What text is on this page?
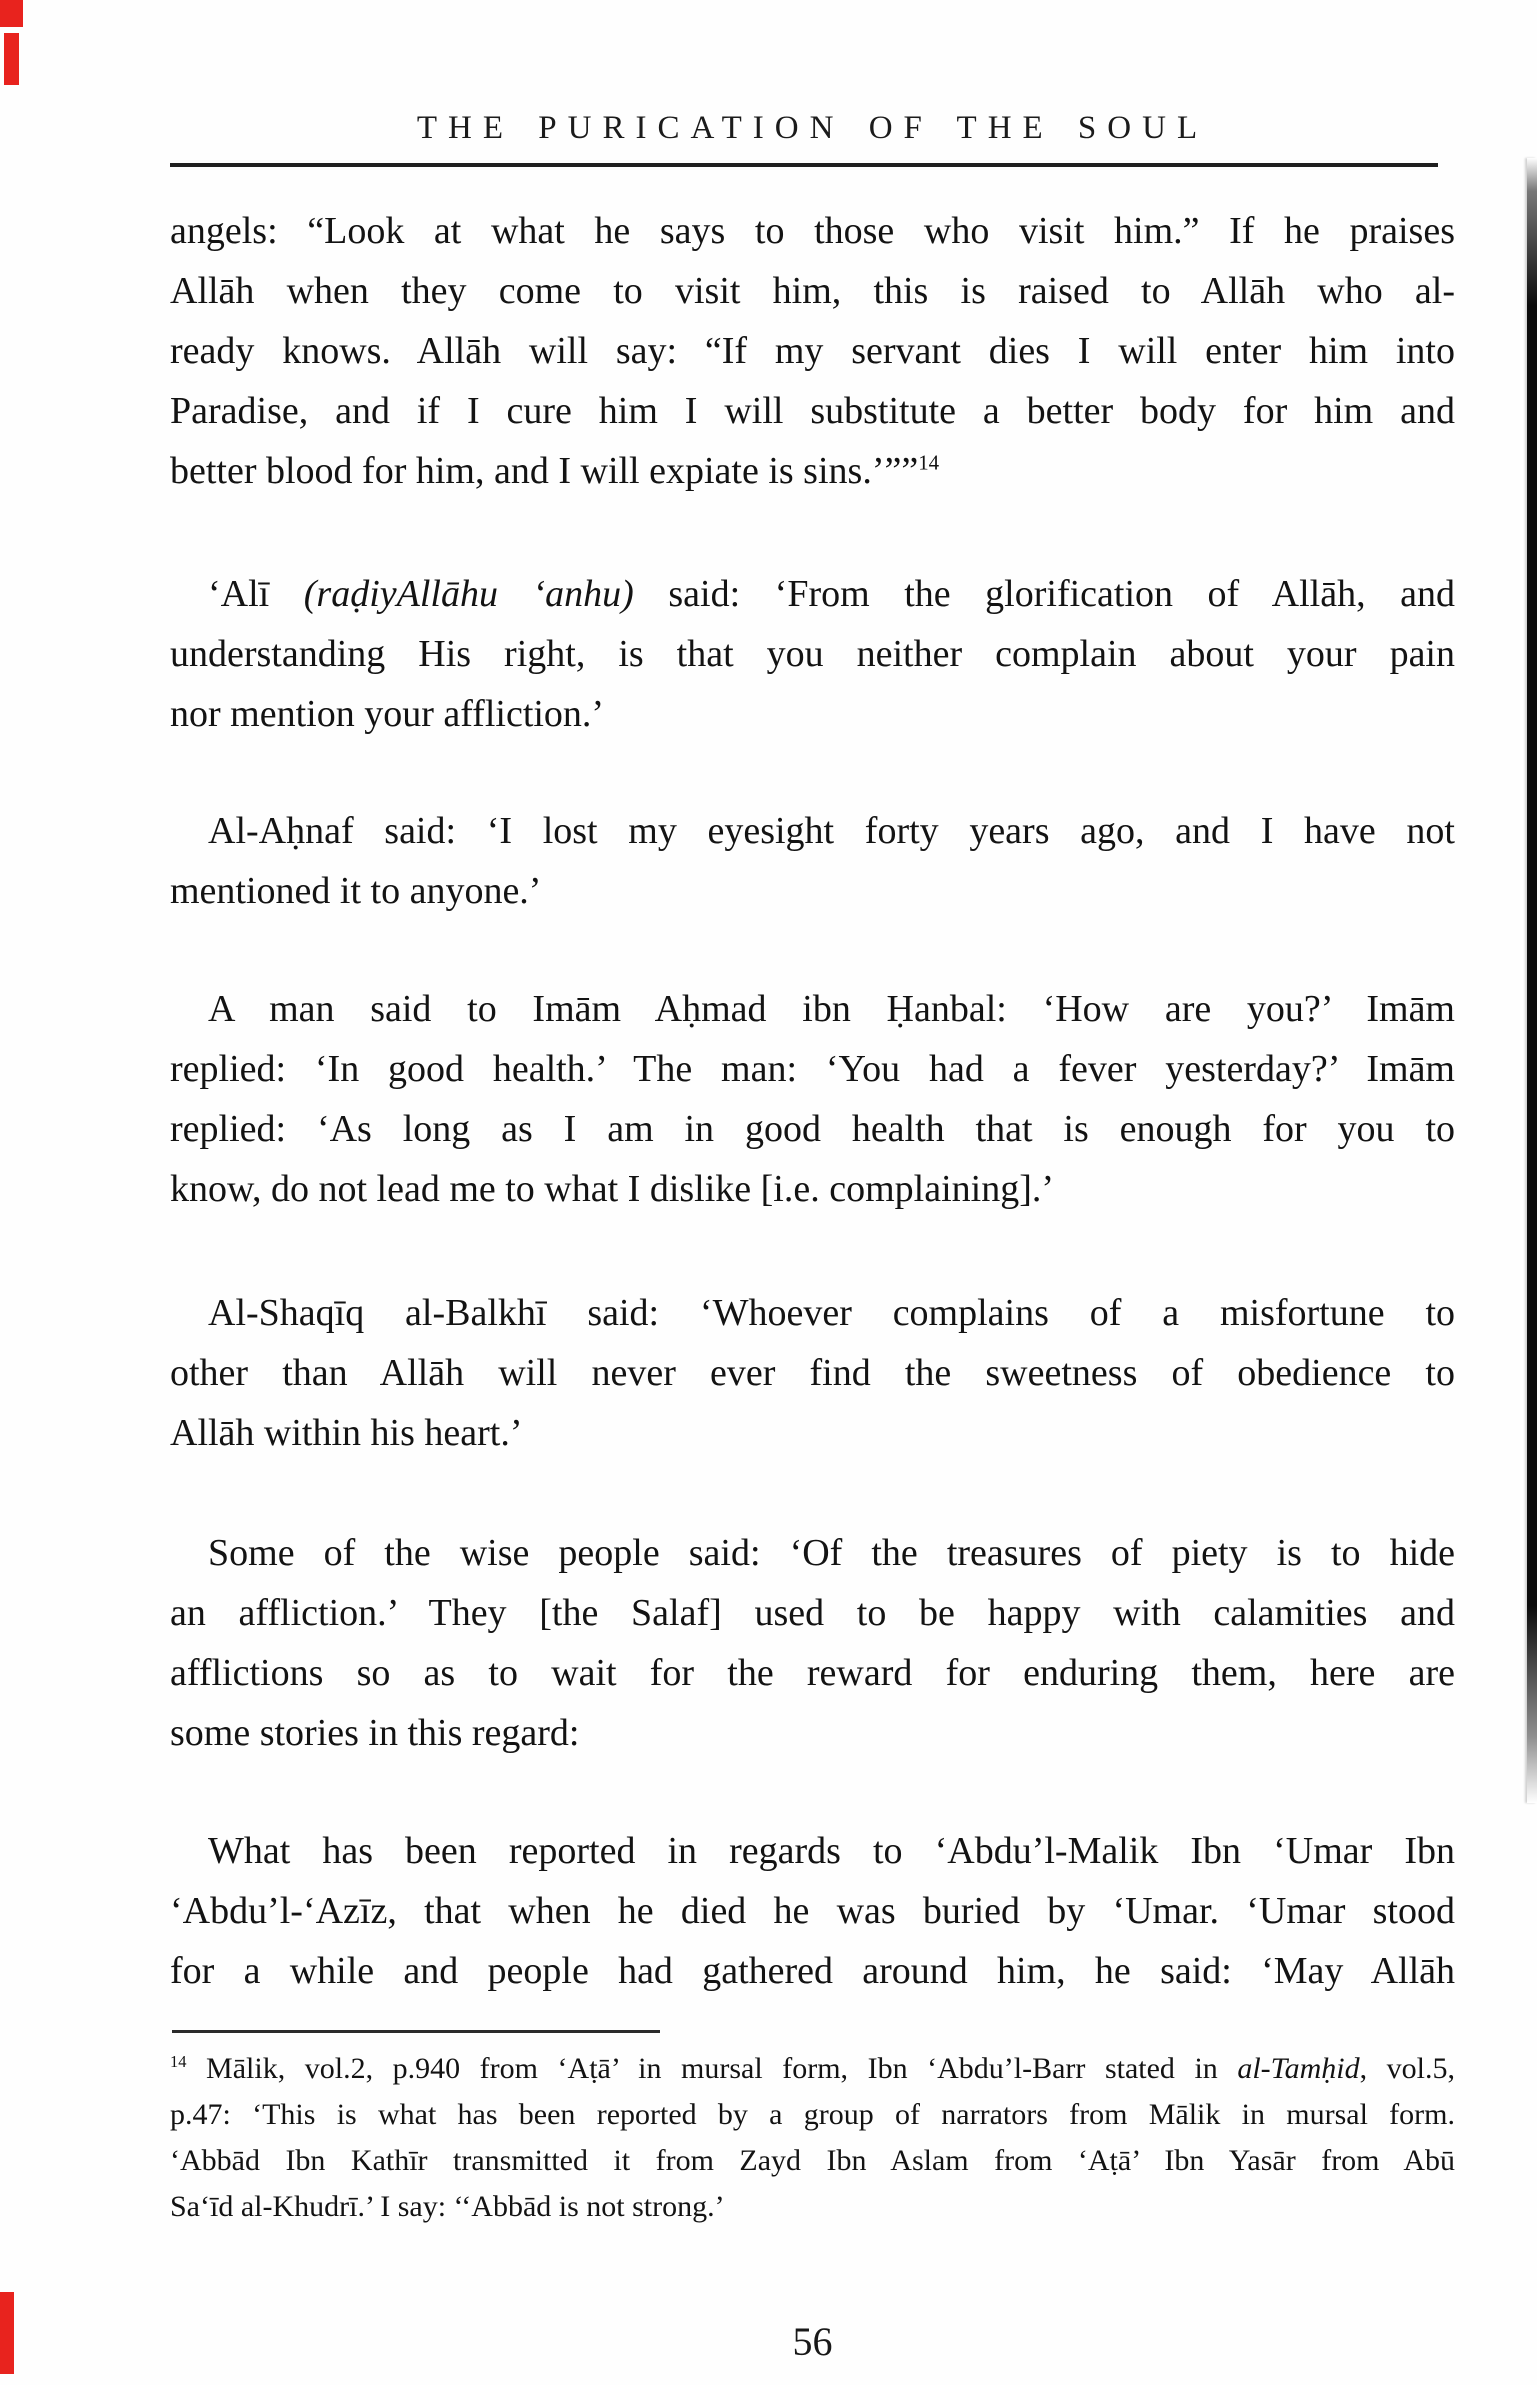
THE PURICATION OF THE SOUL
angels: “Look at what he says to those who visit him.” If he praises
Allāh when they come to visit him, this is raised to Allāh who al-
ready knows. Allāh will say: “If my servant dies I will enter him into
Paradise, and if I cure him I will substitute a better body for him and
better blood for him, and I will expiate is sins.’””$^{14}$
‘Alī (raḍiyAllāhu ‘anhu) said: ‘From the glorification of Allāh, and
understanding His right, is that you neither complain about your pain
nor mention your affliction.’
Al-Aḥnaf said: ‘I lost my eyesight forty years ago, and I have not
mentioned it to anyone.’
A man said to Imām Aḥmad ibn Ḥanbal: ‘How are you?’ Imām
replied: ‘In good health.’ The man: ‘You had a fever yesterday?’ Imām
replied: ‘As long as I am in good health that is enough for you to
know, do not lead me to what I dislike [i.e. complaining].’
Al-Shaqīq al-Balkhī said: ‘Whoever complains of a misfortune to
other than Allāh will never ever find the sweetness of obedience to
Allāh within his heart.’
Some of the wise people said: ‘Of the treasures of piety is to hide
an affliction.’ They [the Salaf] used to be happy with calamities and
afflictions so as to wait for the reward for enduring them, here are
some stories in this regard:
What has been reported in regards to ‘Abdu’l-Malik Ibn ‘Umar Ibn
‘Abdu’l-‘Azīz, that when he died he was buried by ‘Umar. ‘Umar stood
for a while and people had gathered around him, he said: ‘May Allāh
$^{14}$ Mālik, vol.2, p.940 from ‘Aṭā’ in mursal form, Ibn ‘Abdu’l-Barr stated in al-Tamḥid, vol.5,
p.47: ‘This is what has been reported by a group of narrators from Mālik in mursal form.
‘Abbād Ibn Kathīr transmitted it from Zayd Ibn Aslam from ‘Aṭā’ Ibn Yasār from Abū
Sa‘īd al-Khudrī.’ I say: ‘‘Abbād is not strong.’
56
